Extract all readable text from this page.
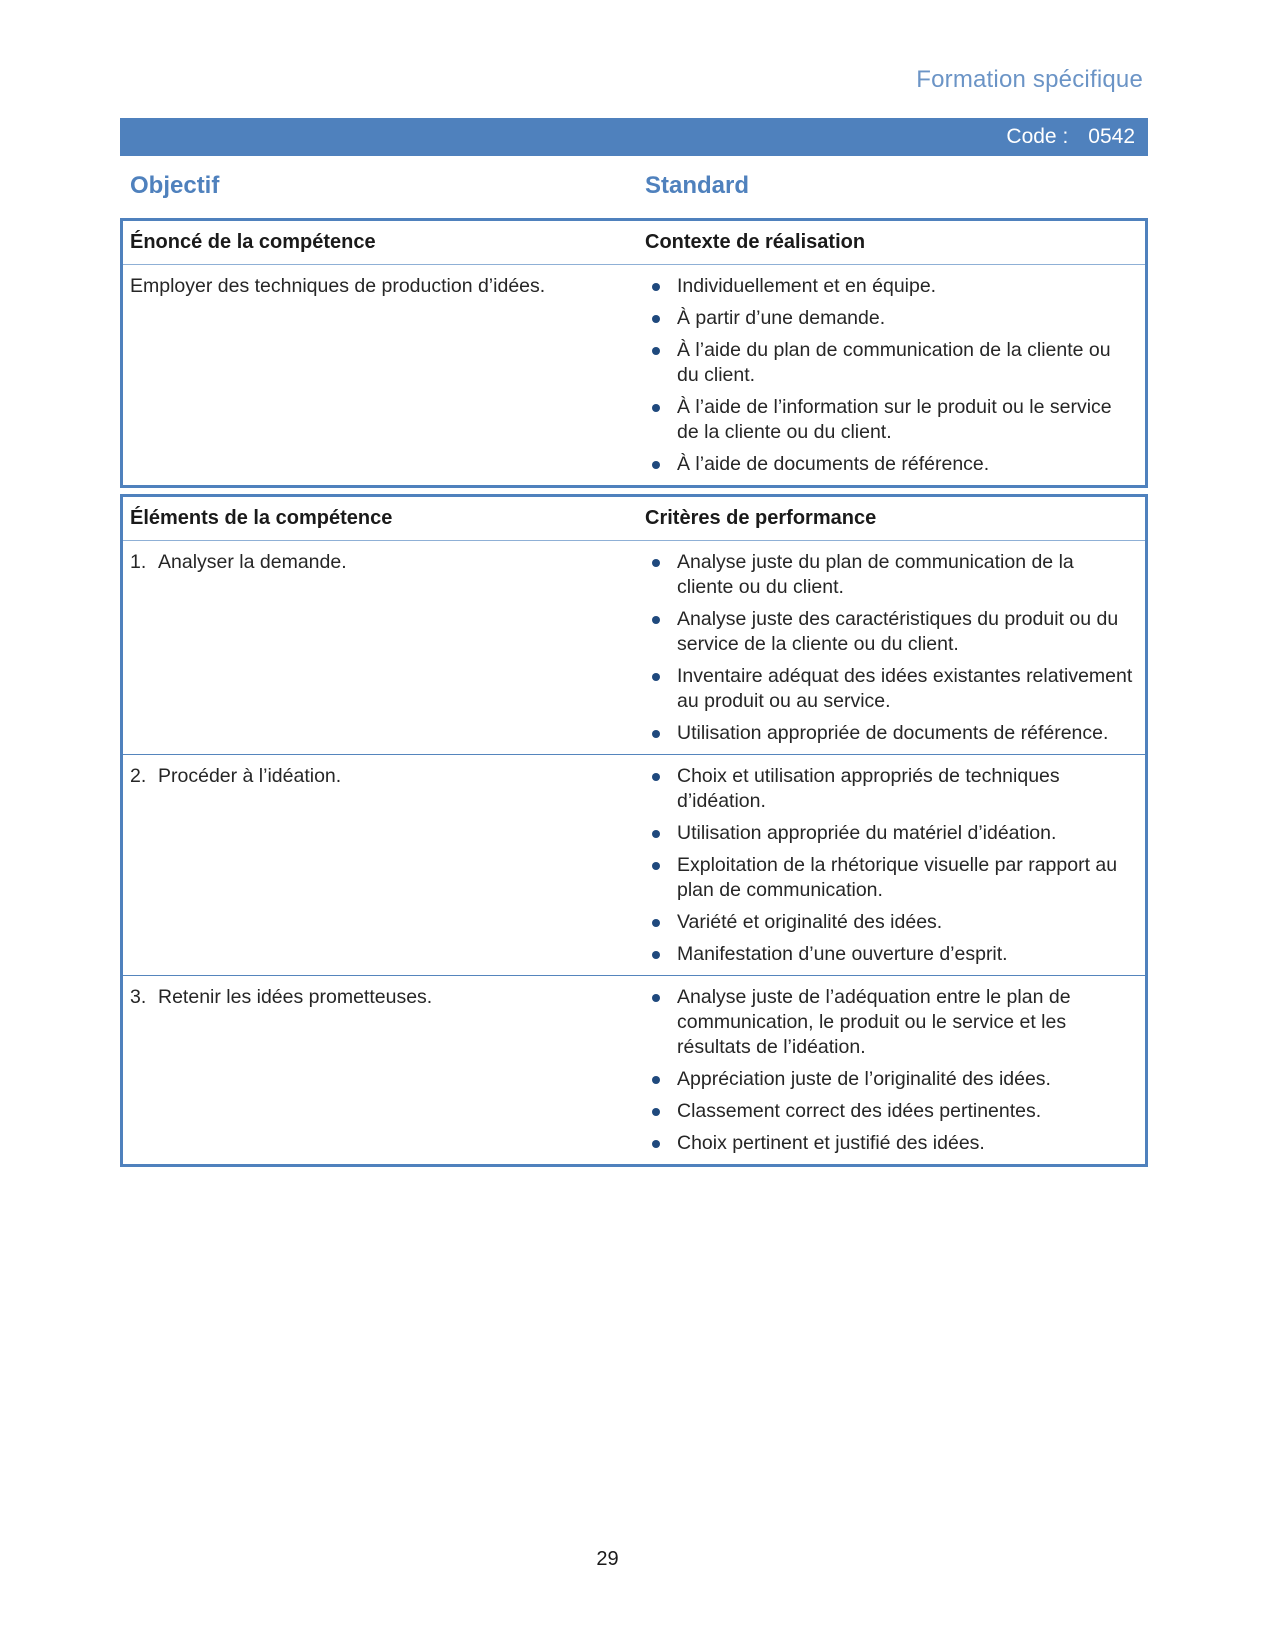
Formation spécifique
Code : 0542
Objectif	Standard
Énoncé de la compétence	Contexte de réalisation
Employer des techniques de production d’idées.	Individuellement et en équipe.
À partir d’une demande.
À l’aide du plan de communication de la cliente ou du client.
À l’aide de l’information sur le produit ou le service de la cliente ou du client.
À l’aide de documents de référence.
Éléments de la compétence	Critères de performance
1. Analyser la demande.	Analyse juste du plan de communication de la cliente ou du client.
Analyse juste des caractéristiques du produit ou du service de la cliente ou du client.
Inventaire adéquat des idées existantes relativement au produit ou au service.
Utilisation appropriée de documents de référence.
2. Procéder à l’idéation.	Choix et utilisation appropriés de techniques d’idéation.
Utilisation appropriée du matériel d’idéation.
Exploitation de la rhétorique visuelle par rapport au plan de communication.
Variété et originalité des idées.
Manifestation d’une ouverture d’esprit.
3. Retenir les idées prometteuses.	Analyse juste de l’adéquation entre le plan de communication, le produit ou le service et les résultats de l’idéation.
Appréciation juste de l’originalité des idées.
Classement correct des idées pertinentes.
Choix pertinent et justifié des idées.
29
